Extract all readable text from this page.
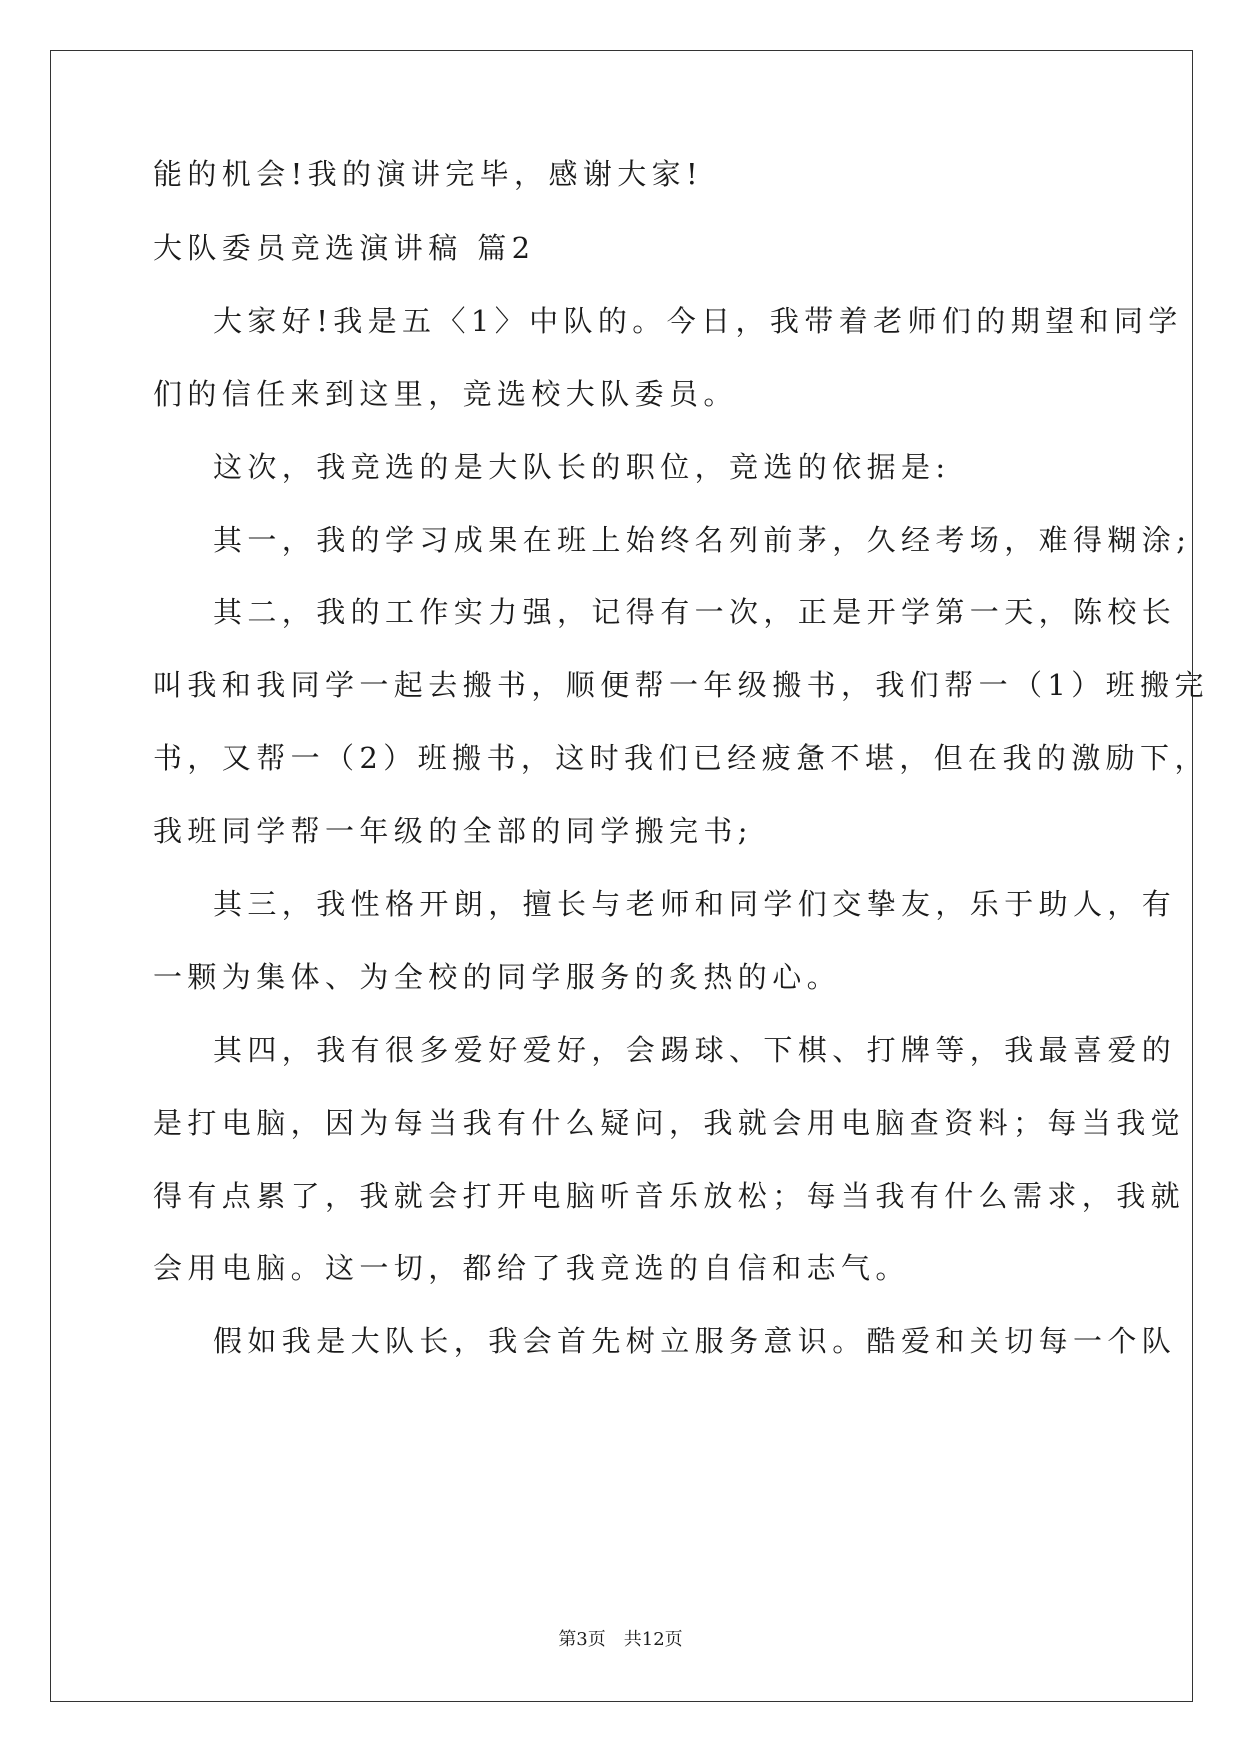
能的机会!我的演讲完毕，感谢大家!
大队委员竞选演讲稿 篇2
大家好!我是五〈1〉中队的。今日，我带着老师们的期望和同学
们的信任来到这里，竞选校大队委员。
这次，我竞选的是大队长的职位，竞选的依据是:
其一，我的学习成果在班上始终名列前茅，久经考场，难得糊涂;
其二，我的工作实力强，记得有一次，正是开学第一天，陈校长
叫我和我同学一起去搬书，顺便帮一年级搬书，我们帮一（1）班搬完
书，又帮一（2）班搬书，这时我们已经疲惫不堪，但在我的激励下，
我班同学帮一年级的全部的同学搬完书;
其三，我性格开朗，擅长与老师和同学们交挚友，乐于助人，有
一颗为集体、为全校的同学服务的炙热的心。
其四，我有很多爱好爱好，会踢球、下棋、打牌等，我最喜爱的
是打电脑，因为每当我有什么疑问，我就会用电脑查资料；每当我觉
得有点累了，我就会打开电脑听音乐放松；每当我有什么需求，我就
会用电脑。这一切，都给了我竞选的自信和志气。
假如我是大队长，我会首先树立服务意识。酷爱和关切每一个队
第3页 共12页
